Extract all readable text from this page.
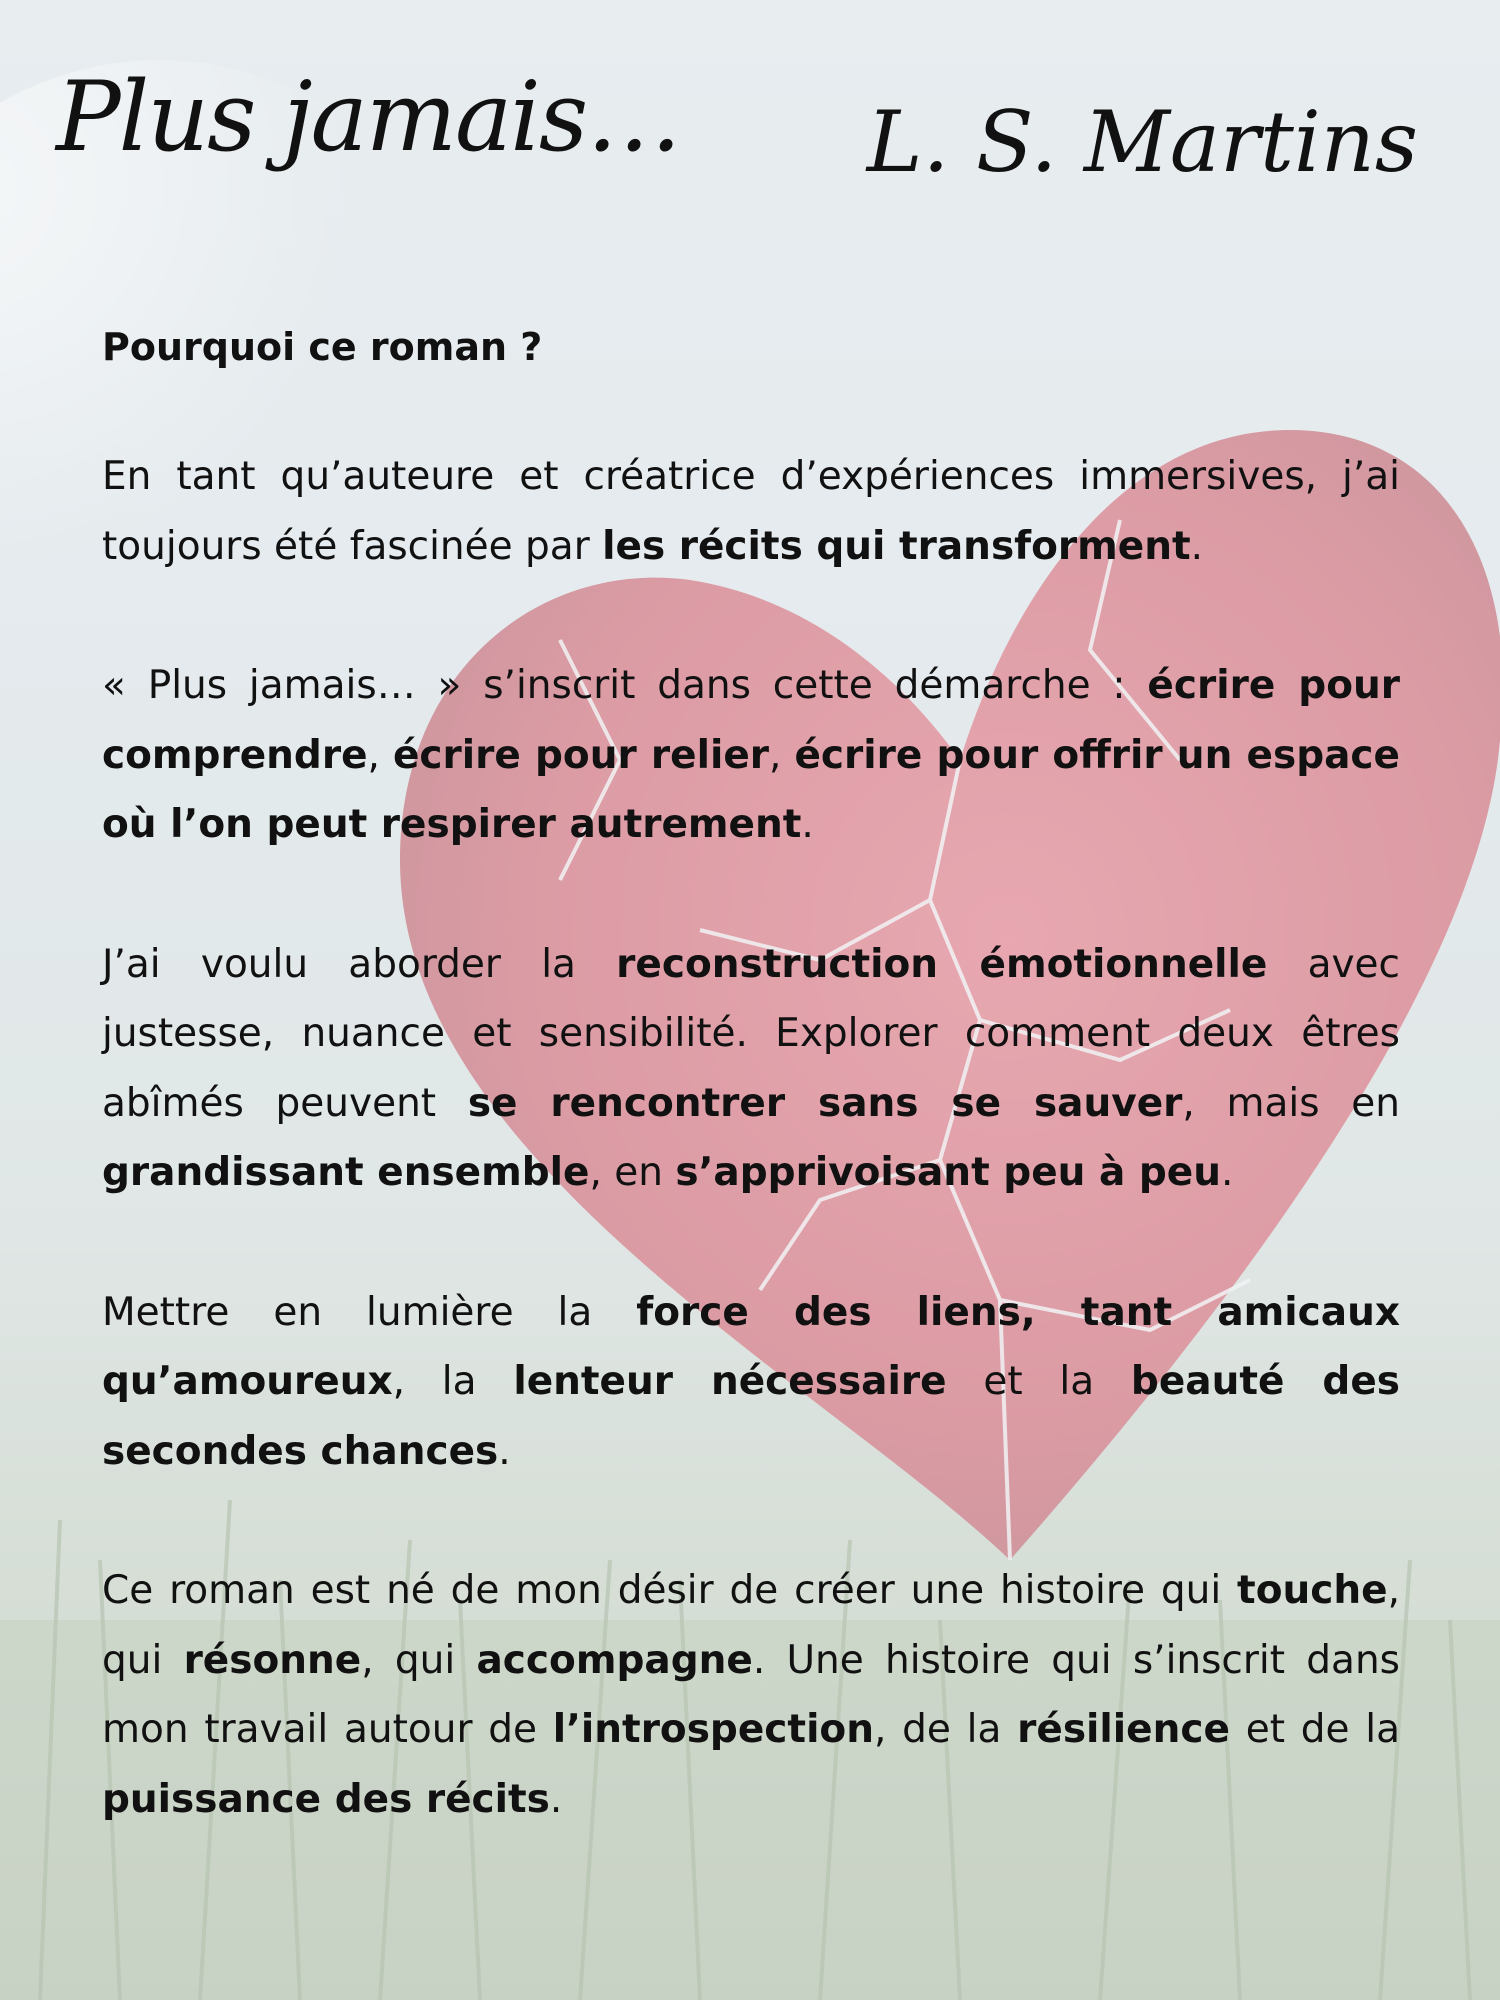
Plus jamais… L. S. Martins

Pourquoi ce roman ?

En tant qu’auteure et créatrice d’expériences immersives, j’ai toujours été fascinée par les récits qui transforment.

« Plus jamais… » s’inscrit dans cette démarche : écrire pour comprendre, écrire pour relier, écrire pour offrir un espace où l’on peut respirer autrement.

J’ai voulu aborder la reconstruction émotionnelle avec justesse, nuance et sensibilité. Explorer comment deux êtres abîmés peuvent se rencontrer sans se sauver, mais en grandissant ensemble, en s’apprivoisant peu à peu.

Mettre en lumière la force des liens, tant amicaux qu’amoureux, la lenteur nécessaire et la beauté des secondes chances.

Ce roman est né de mon désir de créer une histoire qui touche, qui résonne, qui accompagne. Une histoire qui s’inscrit dans mon travail autour de l’introspection, de la résilience et de la puissance des récits.
